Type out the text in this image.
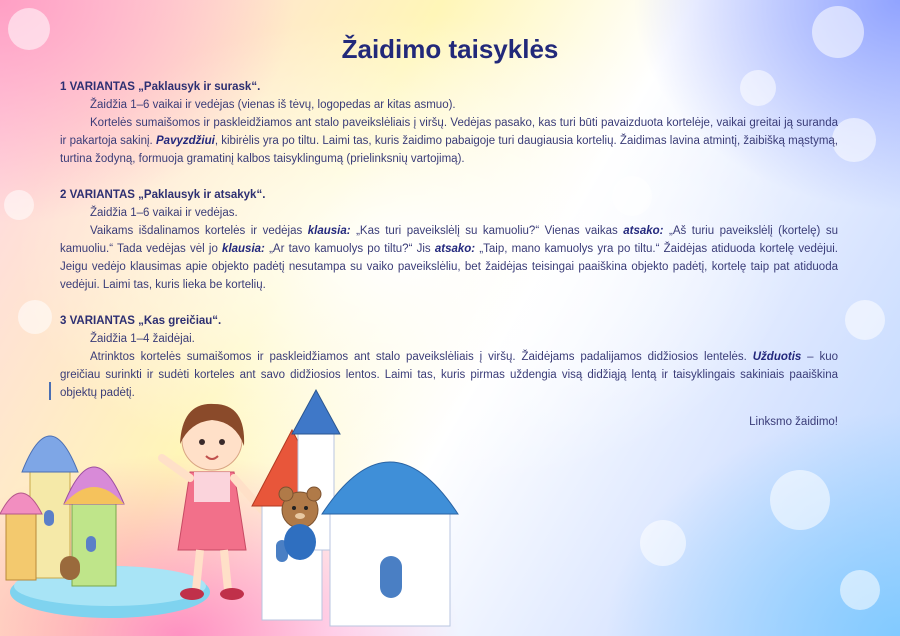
Žaidimo taisyklės
1 VARIANTAS „Paklausyk ir surask“.
Žaidžia 1–6 vaikai ir vedėjas (vienas iš tėvų, logopedas ar kitas asmuo).
Kortelės sumaišomos ir paskleidžiamos ant stalo paveikslėliais į viršų. Vedėjas pasako, kas turi būti pavaizduota kortelėje, vaikai greitai ją suranda ir pakartoja sakinį. Pavyzdžiui, kibirėlis yra po tiltu. Laimi tas, kuris žaidimo pabaigoje turi daugiausia kortelių. Žaidimas lavina atmintį, žaibišką mąstymą, turtina žodyną, formuoja gramatinį kalbos taisyklingumą (prielinksnių vartojimą).
2 VARIANTAS „Paklausyk ir atsakyk“.
Žaidžia 1–6 vaikai ir vedėjas.
Vaikams išdalinamos kortelės ir vedėjas klausia: „Kas turi paveikslėlį su kamuoliu?“ Vienas vaikas atsako: „Aš turiu paveikslėlį (kortelę) su kamuoliu.“ Tada vedėjas vėl jo klausia: „Ar tavo kamuolys po tiltu?“ Jis atsako: „Taip, mano kamuolys yra po tiltu.“ Žaidėjas atiduoda kortelę vedėjui. Jeigu vedėjo klausimas apie objekto padėtį nesutampa su vaiko paveikslėliu, bet žaidėjas teisingai paaiškina objekto padėtį, kortelę taip pat atiduoda vedėjui. Laimi tas, kuris lieka be kortelių.
3 VARIANTAS „Kas greičiau“.
Žaidžia 1–4 žaidėjai.
Atrinktos kortelės sumaišomos ir paskleidžiamos ant stalo paveikslėliais į viršų. Žaidėjams padalijamos didžiosios lentelės. Užduotis – kuo greičiau surinkti ir sudėti korteles ant savo didžiosios lentos. Laimi tas, kuris pirmas uždengia visą didžiąją lentą ir taisyklingais sakiniais paaiškina objektų padėtį.
Linksmo žaidimo!
